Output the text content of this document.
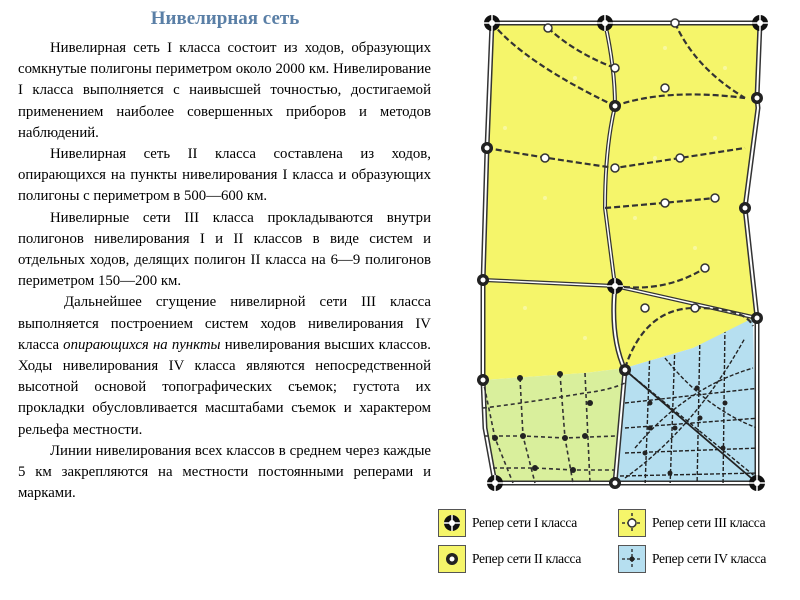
Нивелирная сеть

Нивелирная сеть I класса состоит из ходов, образующих сомкнутые полигоны периметром около 2000 км. Нивелирование I класса выполняется с наивысшей точностью, достигаемой применением наиболее совершенных приборов и методов наблюдений.

Нивелирная сеть II класса составлена из ходов, опирающихся на пункты нивелирования I класса и образующих полигоны с периметром в 500—600 км.

Нивелирные сети III класса прокладываются внутри полигонов нивелирования I и II классов в виде систем и отдельных ходов, делящих полигон II класса на 6—9 полигонов периметром 150—200 км.

Дальнейшее сгущение нивелирной сети III класса выполняется построением систем ходов нивелирования IV класса опирающихся на пункты нивелирования высших классов. Ходы нивелирования IV класса являются непосредственной высотной основой топографических съемок; густота их прокладки обусловливается масштабами съемок и характером рельефа местности.

Линии нивелирования всех классов в среднем через каждые 5 км закрепляются на местности постоянными реперами и марками.

Репер сети I класса	Репер сети III класса
Репер сети II класса	Репер сети IV класса
